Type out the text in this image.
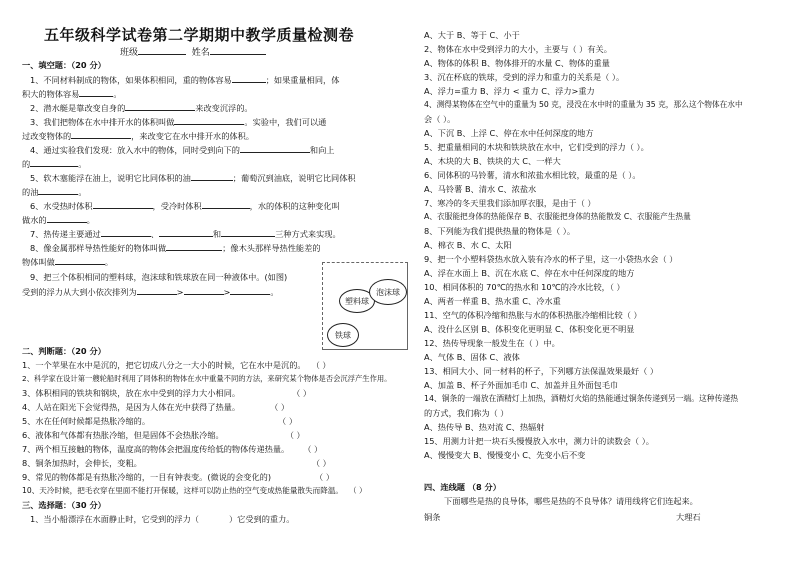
五年级科学试卷第二学期期中教学质量检测卷
班级	姓名
一、填空题：（20 分）
1、不同材料制成的物体，如果体积相同，重的物体容易	；如果重量相同，体
积大的物体容易	。
2、潜水艇是靠改变自身的	来改变沉浮的。
3、我们把物体在水中排开水的体积叫做	。实验中，我们可以通
过改变物体的	，来改变它在水中排开水的体积。
4、通过实验我们发现：放入水中的物体，同时受到向下的	和向上
的	。
5、软木塞能浮在油上，说明它比同体积的油	；葡萄沉到油底，说明它比同体积
的油	。
6、水受热时体积	，受冷时体积	，水的体积的这种变化叫
做水的	。
7、热传递主要通过	、	和	三种方式来实现。
8、像金属那样导热性能好的物体叫做	；像木头那样导热性能差的
物体叫做	。
9、把三个体积相同的塑料球，泡沫球和铁球放在同一种液体中。(如图)
受到的浮力从大到小依次排列为	>	>	。
塑料球
泡沫球
铁球
二、判断题：（20 分）
1、一个苹果在水中是沉的，把它切成八分之一大小的时候，它在水中是沉的。 （ ）
2、科学家在设计第一艘轮船时利用了同体积的物体在水中重量不同的方法，来研究某个物体是否会沉浮产生作用。
3、体积相同的铁块和钢块，放在水中受到的浮力大小相同。	（ ）
4、人站在阳光下会觉得热，是因为人体在光中获得了热量。	（ ）
5、水在任何时候都是热胀冷缩的。	（ ）
6、液体和气体都有热胀冷缩，但是固体不会热胀冷缩。	（ ）
7、两个相互接触的物体，温度高的物体会把温度传给低的物体传递热量。 （ ）
8、铜条加热时，会伸长，变粗。	（ ）
9、常见的物体都是有热胀冷缩的，一目有钟表变。(微说的会变化的)	（ ）
10、天冷时候，把毛衣穿在里面不能打开保暖，这样可以防止热的空气变成热能量散失而降温。 （ ）
三、选择题：（30 分）
1、当小船漂浮在水面静止时，它受到的浮力（	）它受到的重力。
A、大于 B、等于 C、小于
2、物体在水中受到浮力的大小，主要与（ ）有关。
A、物体的体积 B、物体排开的水量 C、物体的重量
3、沉在杯底的铁球，受到的浮力和重力的关系是（ ）。
A、浮力=重力 B、浮力 < 重力 C、浮力>重力
4、测得某物体在空气中的重量为 50 克，浸没在水中时的重量为 35 克，那么这个物体在水中
会（ ）。
A、下沉 B、上浮 C、停在水中任何深度的地方
5、把重量相同的木块和铁块放在水中，它们受到的浮力（ ）。
A、木块的大 B、铁块的大 C、一样大
6、同体积的马铃薯，清水和浓盐水相比较，最重的是（ ）。
A、马铃薯 B、清水 C、浓盐水
7、寒冷的冬天里我们添加厚衣服，是由于（ ）
A、衣服能把身体的热能保存 B、衣服能把身体的热能散发 C、衣服能产生热量
8、下列能为我们提供热量的物体是（ ）。
A、棉衣 B、水 C、太阳
9、把一个小塑料袋热水放入装有冷水的杯子里，这一小袋热水会（ ）
A、浮在水面上 B、沉在水底 C、停在水中任何深度的地方
10、相同体积的 70℃的热水和 10℃的冷水比较，（ ）
A、两者一样重 B、热水重 C、冷水重
11、空气的体积冷缩和热胀与水的体积热胀冷缩相比较（ ）
A、没什么区别 B、体积变化更明显 C、体积变化更不明显
12、热传导现象一般发生在（ ）中。
A、气体 B、固体 C、液体
13、相同大小、同一材料的杯子，下列哪方法保温效果最好（ ）
A、加盖 B、杯子外面加毛巾 C、加盖并且外面包毛巾
14、铜条的一端放在酒精灯上加热，酒精灯火焰的热能通过铜条传递到另一端。这种传递热
的方式，我们称为（ ）
A、热传导 B、热对流 C、热辐射
15、用测力计把一块石头慢慢放入水中，测力计的读数会（ ）。
A、慢慢变大 B、慢慢变小 C、先变小后不变
四、连线题 （8 分）
下面哪些是热的良导体，哪些是热的不良导体？请用线将它们连起来。
铜条	大理石
